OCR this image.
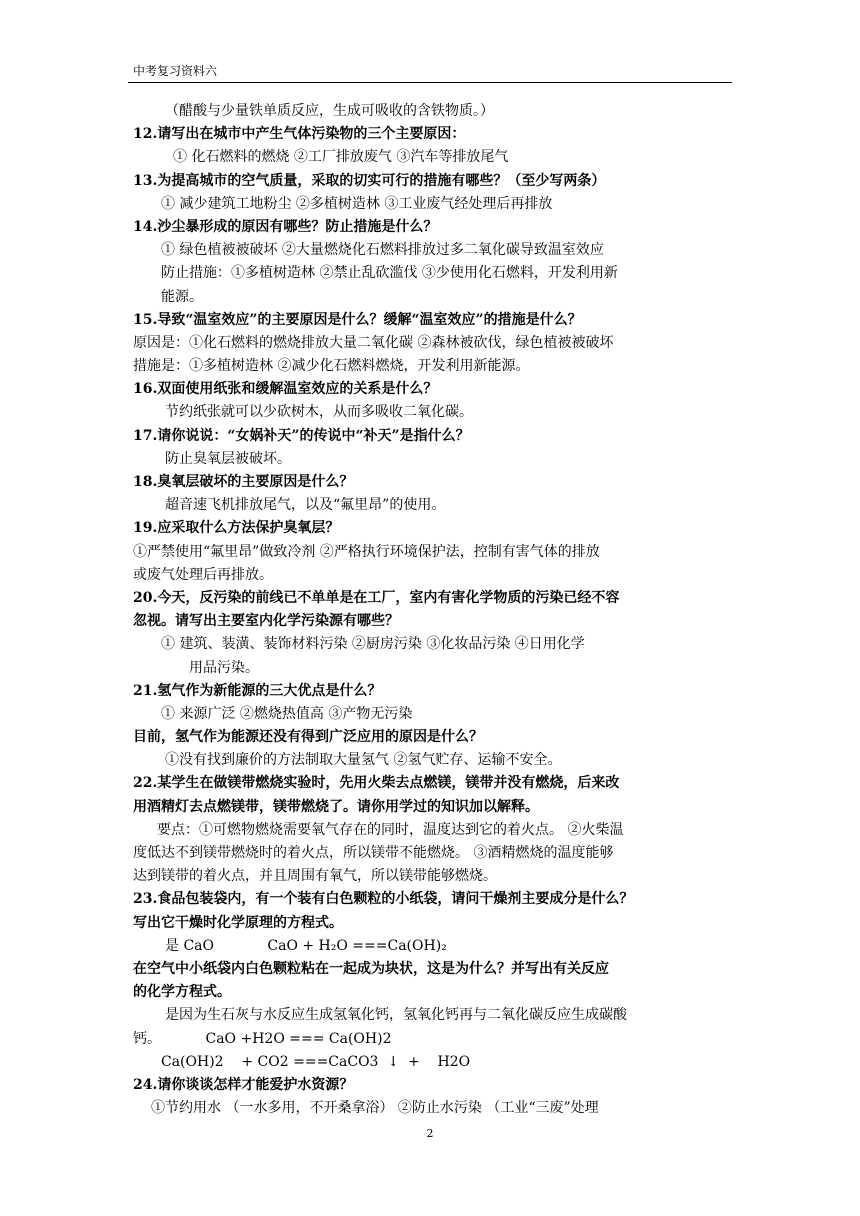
中考复习资料六
（醋酸与少量铁单质反应，生成可吸收的含铁物质。）
12.请写出在城市中产生气体污染物的三个主要原因：
① 化石燃料的燃烧 ②工厂排放废气 ③汽车等排放尾气
13.为提高城市的空气质量，采取的切实可行的措施有哪些？（至少写两条）
① 减少建筑工地粉尘 ②多植树造林 ③工业废气经处理后再排放
14.沙尘暴形成的原因有哪些？防止措施是什么？
① 绿色植被被破坏 ②大量燃烧化石燃料排放过多二氧化碳导致温室效应
防止措施：①多植树造林 ②禁止乱砍滥伐 ③少使用化石燃料，开发利用新
能源。
15.导致“温室效应”的主要原因是什么？缓解“温室效应”的措施是什么？
原因是：①化石燃料的燃烧排放大量二氧化碳 ②森林被砍伐，绿色植被被破坏
措施是：①多植树造林 ②减少化石燃料燃烧，开发利用新能源。
16.双面使用纸张和缓解温室效应的关系是什么？
节约纸张就可以少砍树木，从而多吸收二氧化碳。
17.请你说说：“女娲补天”的传说中“补天”是指什么？
防止臭氧层被破坏。
18.臭氧层破坏的主要原因是什么？
超音速飞机排放尾气，以及“氟里昂”的使用。
19.应采取什么方法保护臭氧层？
①严禁使用“氟里昂”做致冷剂 ②严格执行环境保护法，控制有害气体的排放
或废气处理后再排放。
20.今天，反污染的前线已不单单是在工厂，室内有害化学物质的污染已经不容
忽视。请写出主要室内化学污染源有哪些？
① 建筑、装潢、装饰材料污染 ②厨房污染 ③化妆品污染 ④日用化学
用品污染。
21.氢气作为新能源的三大优点是什么？
① 来源广泛 ②燃烧热值高 ③产物无污染
目前，氢气作为能源还没有得到广泛应用的原因是什么？
①没有找到廉价的方法制取大量氢气 ②氢气贮存、运输不安全。
22.某学生在做镁带燃烧实验时，先用火柴去点燃镁，镁带并没有燃烧，后来改
用酒精灯去点燃镁带，镁带燃烧了。请你用学过的知识加以解释。
要点：①可燃物燃烧需要氧气存在的同时，温度达到它的着火点。 ②火柴温
度低达不到镁带燃烧时的着火点，所以镁带不能燃烧。 ③酒精燃烧的温度能够
达到镁带的着火点，并且周围有氧气，所以镁带能够燃烧。
23.食品包装袋内，有一个装有白色颗粒的小纸袋，请问干燥剂主要成分是什么？
写出它干燥时化学原理的方程式。
是 CaO            CaO + H₂O ===Ca(OH)₂
在空气中小纸袋内白色颗粒粘在一起成为块状，这是为什么？并写出有关反应
的化学方程式。
是因为生石灰与水反应生成氢氧化钙，氢氧化钙再与二氧化碳反应生成碳酸
钙。          CaO +H2O === Ca(OH)2
Ca(OH)2    + CO2 ===CaCO3  ↓  +    H2O
24.请你谈谈怎样才能爱护水资源？
①节约用水 （一水多用，不开桑拿浴） ②防止水污染 （工业“三废”处理
2
